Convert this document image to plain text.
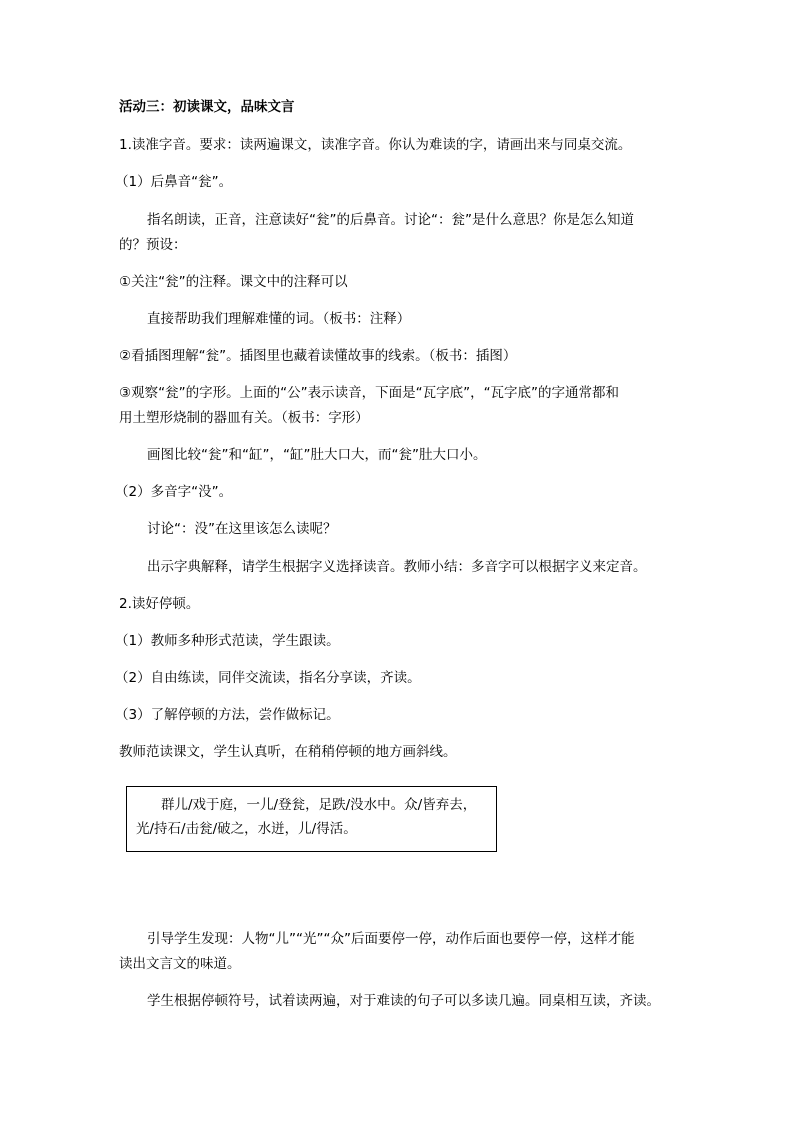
活动三：初读课文，品味文言
1.读准字音。要求：读两遍课文，读准字音。你认为难读的字，请画出来与同桌交流。
（1）后鼻音“瓮”。
指名朗读，正音，注意读好“瓮”的后鼻音。讨论“：瓮”是什么意思？你是怎么知道
的？预设：
①关注“瓮”的注释。课文中的注释可以
直接帮助我们理解难懂的词。（板书：注释）
②看插图理解“瓮”。插图里也藏着读懂故事的线索。（板书：插图）
③观察“瓮”的字形。上面的“公”表示读音，下面是“瓦字底”，“瓦字底”的字通常都和
用土塑形烧制的器皿有关。（板书：字形）
画图比较“瓮”和“缸”，“缸”肚大口大，而“瓮”肚大口小。
（2）多音字“没”。
讨论“：没”在这里该怎么读呢？
出示字典解释，请学生根据字义选择读音。教师小结：多音字可以根据字义来定音。
2.读好停顿。
（1）教师多种形式范读，学生跟读。
（2）自由练读，同伴交流读，指名分享读，齐读。
（3）了解停顿的方法，尝作做标记。
教师范读课文，学生认真听，在稍稍停顿的地方画斜线。
群儿/戏于庭，一儿/登瓮，足跌/没水中。众/皆弃去，
光/持石/击瓮/破之，水迸，儿/得活。
引导学生发现：人物“儿”“光”“众”后面要停一停，动作后面也要停一停，这样才能
读出文言文的味道。
学生根据停顿符号，试着读两遍，对于难读的句子可以多读几遍。同桌相互读，齐读。
